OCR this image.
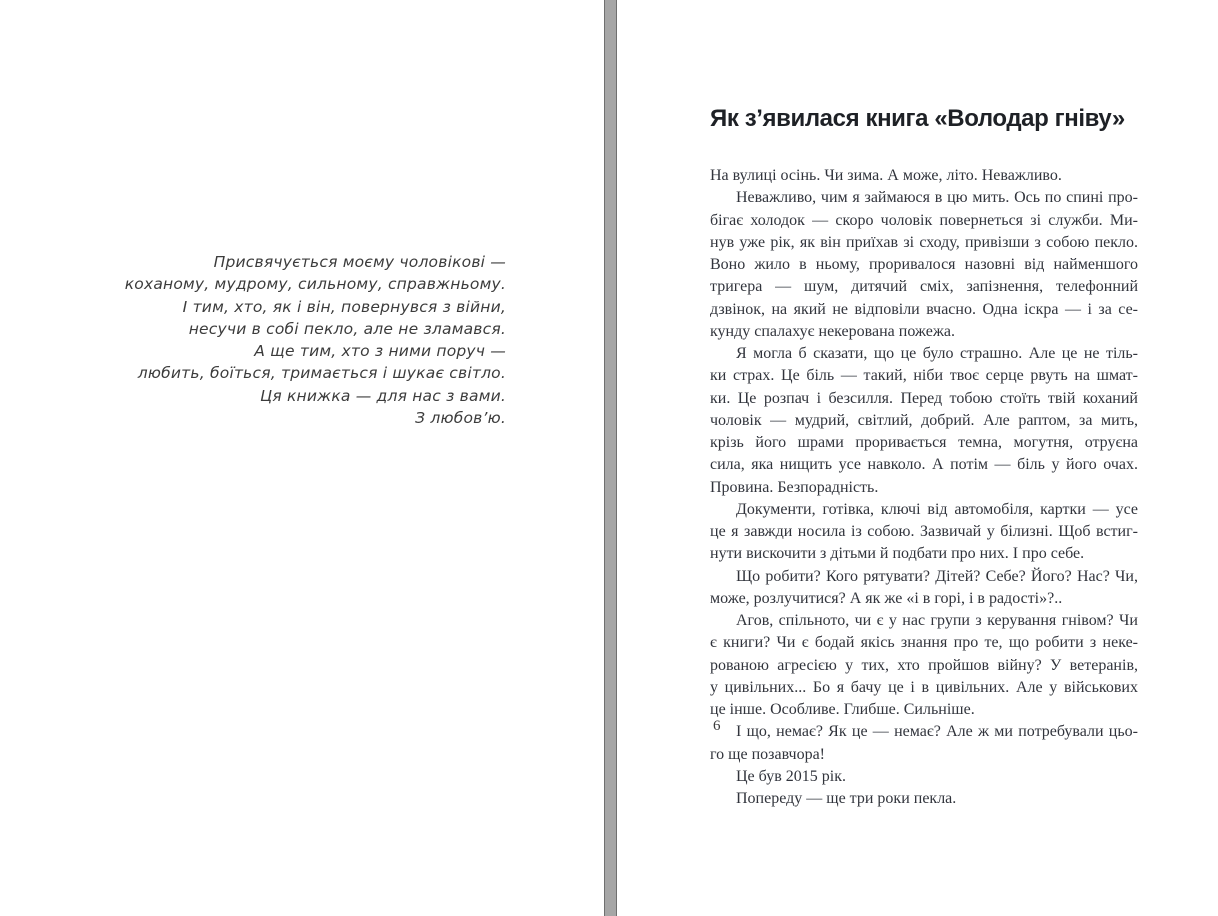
Присвячується моєму чоловікові —
коханому, мудрому, сильному, справжньому.
І тим, хто, як і він, повернувся з війни,
несучи в собі пекло, але не зламався.
А ще тим, хто з ними поруч —
любить, боїться, тримається і шукає світло.
Ця книжка — для нас з вами.
З любов’ю.
Як з’явилася книга «Володар гніву»
На вулиці осінь. Чи зима. А може, літо. Неважливо.
Неважливо, чим я займаюся в цю мить. Ось по спині про-
бігає холодок — скоро чоловік повернеться зі служби. Ми-
нув уже рік, як він приїхав зі сходу, привізши з собою пекло.
Воно жило в ньому, проривалося назовні від найменшого
тригера — шум, дитячий сміх, запізнення, телефонний
дзвінок, на який не відповіли вчасно. Одна іскра — і за се-
кунду спалахує некерована пожежа.
Я могла б сказати, що це було страшно. Але це не тіль-
ки страх. Це біль — такий, ніби твоє серце рвуть на шмат-
ки. Це розпач і безсилля. Перед тобою стоїть твій коханий
чоловік — мудрий, світлий, добрий. Але раптом, за мить,
крізь його шрами проривається темна, могутня, отруєна
сила, яка нищить усе навколо. А потім — біль у його очах.
Провина. Безпорадність.
Документи, готівка, ключі від автомобіля, картки — усе
це я завжди носила із собою. Зазвичай у білизні. Щоб встиг-
нути вискочити з дітьми й подбати про них. І про себе.
Що робити? Кого рятувати? Дітей? Себе? Його? Нас? Чи,
може, розлучитися? А як же «і в горі, і в радості»?..
Агов, спільното, чи є у нас групи з керування гнівом? Чи
є книги? Чи є бодай якісь знання про те, що робити з неке-
рованою агресією у тих, хто пройшов війну? У ветеранів,
у цивільних... Бо я бачу це і в цивільних. Але у військових
це інше. Особливе. Глибше. Сильніше.
І що, немає? Як це — немає? Але ж ми потребували цьо-
го ще позавчора!
Це був 2015 рік.
Попереду — ще три роки пекла.
6
